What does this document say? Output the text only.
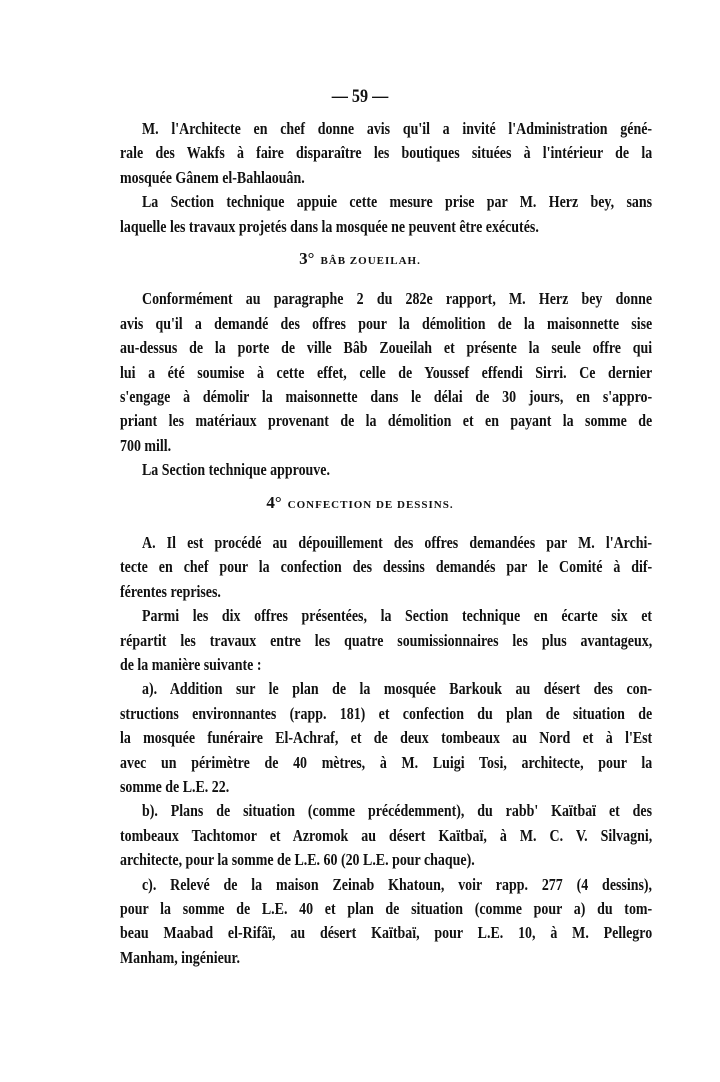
— 59 —
M. l'Architecte en chef donne avis qu'il a invité l'Administration géné-
rale des Wakfs à faire disparaître les boutiques situées à l'intérieur de la
mosquée Gânem el-Bahlaouân.
La Section technique appuie cette mesure prise par M. Herz bey, sans
laquelle les travaux projetés dans la mosquée ne peuvent être exécutés.
3° BÂB ZOUEILAH.
Conformément au paragraphe 2 du 282e rapport, M. Herz bey donne
avis qu'il a demandé des offres pour la démolition de la maisonnette sise
au-dessus de la porte de ville Bâb Zoueilah et présente la seule offre qui
lui a été soumise à cette effet, celle de Youssef effendi Sirri. Ce dernier
s'engage à démolir la maisonnette dans le délai de 30 jours, en s'appro-
priant les matériaux provenant de la démolition et en payant la somme de
700 mill.
La Section technique approuve.
4° CONFECTION DE DESSINS.
A. Il est procédé au dépouillement des offres demandées par M. l'Archi-
tecte en chef pour la confection des dessins demandés par le Comité à dif-
férentes reprises.
Parmi les dix offres présentées, la Section technique en écarte six et
répartit les travaux entre les quatre soumissionnaires les plus avantageux,
de la manière suivante :
a). Addition sur le plan de la mosquée Barkouk au désert des con-
structions environnantes (rapp. 181) et confection du plan de situation de
la mosquée funéraire El-Achraf, et de deux tombeaux au Nord et à l'Est
avec un périmètre de 40 mètres, à M. Luigi Tosi, architecte, pour la
somme de L.E. 22.
b). Plans de situation (comme précédemment), du rabb' Kaïtbaï et des
tombeaux Tachtomor et Azromok au désert Kaïtbaï, à M. C. V. Silvagni,
architecte, pour la somme de L.E. 60 (20 L.E. pour chaque).
c). Relevé de la maison Zeinab Khatoun, voir rapp. 277 (4 dessins),
pour la somme de L.E. 40 et plan de situation (comme pour a) du tom-
beau Maabad el-Rifâï, au désert Kaïtbaï, pour L.E. 10, à M. Pellegro
Manham, ingénieur.
